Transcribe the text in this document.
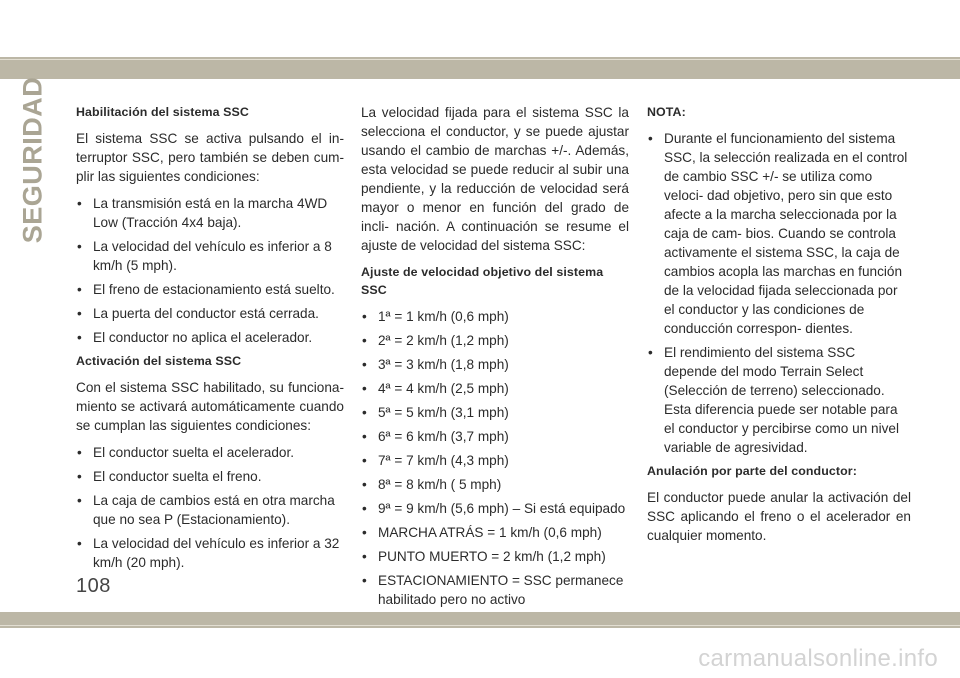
SEGURIDAD Habilitación del sistema SSC

El sistema SSC se activa pulsando el in- terruptor SSC, pero también se deben cum- plir las siguientes condiciones:

• La transmisión está en la marcha 4WD Low (Tracción 4x4 baja).
• La velocidad del vehículo es inferior a 8 km/h (5 mph).
• El freno de estacionamiento está suelto.
• La puerta del conductor está cerrada.
• El conductor no aplica el acelerador.
Activación del sistema SSC

Con el sistema SSC habilitado, su funciona- miento se activará automáticamente cuando se cumplan las siguientes condiciones:

• El conductor suelta el acelerador.
• El conductor suelta el freno.
• La caja de cambios está en otra marcha que no sea P (Estacionamiento).
• La velocidad del vehículo es inferior a 32 km/h (20 mph).

La velocidad fijada para el sistema SSC la selecciona el conductor, y se puede ajustar usando el cambio de marchas +/-. Además, esta velocidad se puede reducir al subir una pendiente, y la reducción de velocidad será mayor o menor en función del grado de incli- nación. A continuación se resume el ajuste de velocidad del sistema SSC:

Ajuste de velocidad objetivo del sistema SSC
• 1ª = 1 km/h (0,6 mph)
• 2ª = 2 km/h (1,2 mph)
• 3ª = 3 km/h (1,8 mph)
• 4ª = 4 km/h (2,5 mph)
• 5ª = 5 km/h (3,1 mph)
• 6ª = 6 km/h (3,7 mph)
• 7ª = 7 km/h (4,3 mph)
• 8ª = 8 km/h ( 5 mph)
• 9ª = 9 km/h (5,6 mph) – Si está equipado
• MARCHA ATRÁS = 1 km/h (0,6 mph)
• PUNTO MUERTO = 2 km/h (1,2 mph)
• ESTACIONAMIENTO = SSC permanece habilitado pero no activo
NOTA:
• Durante el funcionamiento del sistema SSC, la selección realizada en el control de cambio SSC +/- se utiliza como veloci- dad objetivo, pero sin que esto afecte a la marcha seleccionada por la caja de cam- bios. Cuando se controla activamente el sistema SSC, la caja de cambios acopla las marchas en función de la velocidad fijada seleccionada por el conductor y las condiciones de conducción correspon- dientes.
• El rendimiento del sistema SSC depende del modo Terrain Select (Selección de terreno) seleccionado. Esta diferencia puede ser notable para el conductor y percibirse como un nivel variable de agresividad.
Anulación por parte del conductor:

El conductor puede anular la activación del SSC aplicando el freno o el acelerador en cualquier momento.

108
carmanualsonline.info
